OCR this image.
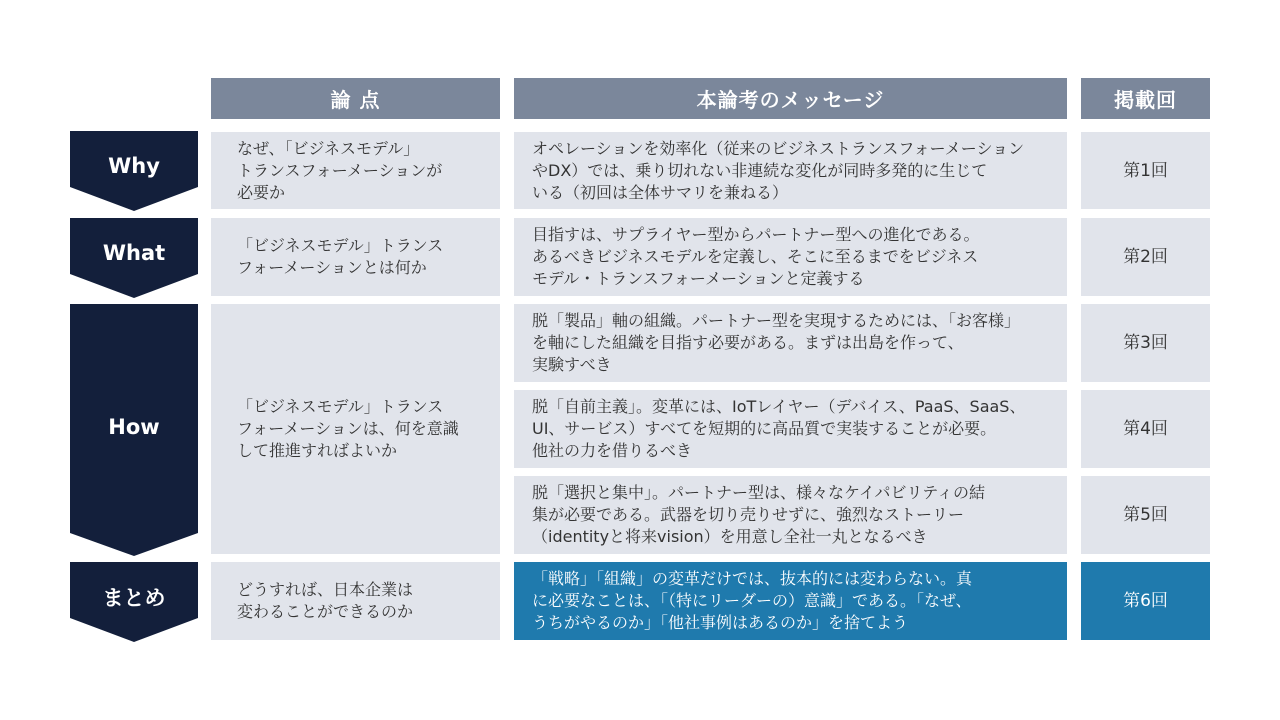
論 点	本論考のメッセージ	掲載回
Why
What
How
まとめ
なぜ、「ビジネスモデル」
トランスフォーメーションが
必要か
「ビジネスモデル」トランス
フォーメーションとは何か
「ビジネスモデル」トランス
フォーメーションは、何を意識
して推進すればよいか
どうすれば、日本企業は
変わることができるのか
オペレーションを効率化（従来のビジネストランスフォーメーション
やDX）では、乗り切れない非連続な変化が同時多発的に生じて
いる（初回は全体サマリを兼ねる）
目指すは、サプライヤー型からパートナー型への進化である。
あるべきビジネスモデルを定義し、そこに至るまでをビジネス
モデル・トランスフォーメーションと定義する
脱「製品」軸の組織。パートナー型を実現するためには、「お客様」
を軸にした組織を目指す必要がある。まずは出島を作って、
実験すべき
脱「自前主義」。変革には、IoTレイヤー（デバイス、PaaS、SaaS、
UI、サービス）すべてを短期的に高品質で実装することが必要。
他社の力を借りるべき
脱「選択と集中」。パートナー型は、様々なケイパビリティの結
集が必要である。武器を切り売りせずに、強烈なストーリー
（identityと将来vision）を用意し全社一丸となるべき
「戦略」「組織」の変革だけでは、抜本的には変わらない。真
に必要なことは、「（特にリーダーの）意識」である。「なぜ、
うちがやるのか」「他社事例はあるのか」を捨てよう
第1回
第2回
第3回
第4回
第5回
第6回
